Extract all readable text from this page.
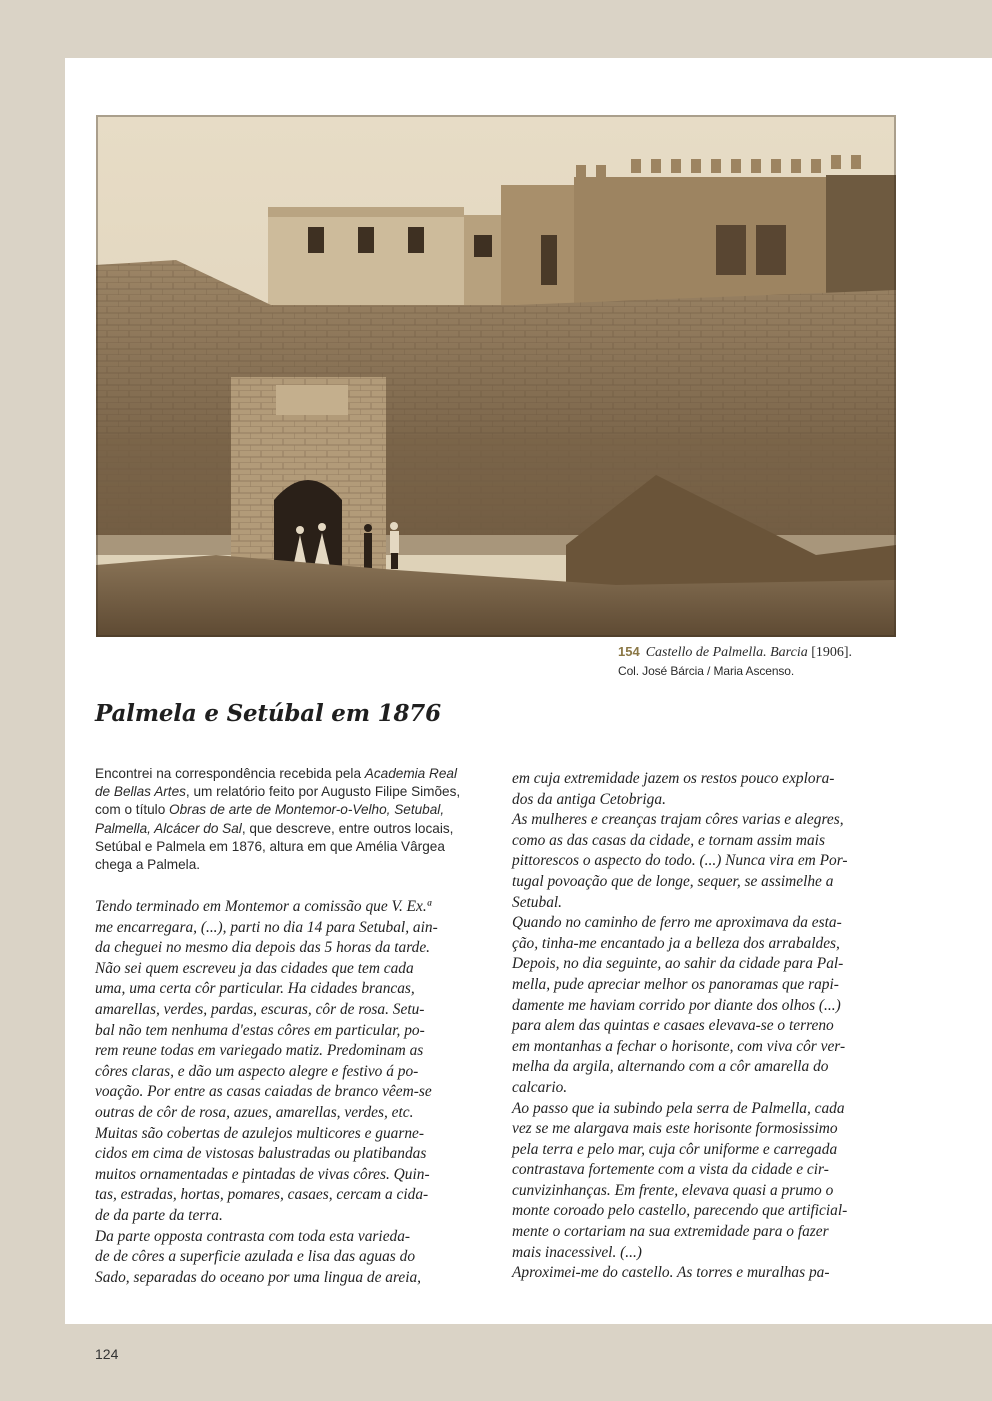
154 Castello de Palmella. Barcia [1906].
Col. José Bárcia / Maria Ascenso.
Palmela e Setúbal em 1876

Encontrei na correspondência recebida pela Academia Real de Bellas Artes, um relatório feito por Augusto Filipe Simões, com o título Obras de arte de Montemor-o-Velho, Setubal, Palmella, Alcácer do Sal, que descreve, entre outros locais, Setúbal e Palmela em 1876, altura em que Amélia Vârgea chega a Palmela.

Tendo terminado em Montemor a comissão que V. Ex.ª
me encarregara, (...), parti no dia 14 para Setubal, ain-
da cheguei no mesmo dia depois das 5 horas da tarde.
Não sei quem escreveu ja das cidades que tem cada
uma, uma certa côr particular. Ha cidades brancas,
amarellas, verdes, pardas, escuras, côr de rosa. Setu-
bal não tem nenhuma d'estas côres em particular, po-
rem reune todas em variegado matiz. Predominam as
côres claras, e dão um aspecto alegre e festivo á po-
voação. Por entre as casas caiadas de branco vêem-se
outras de côr de rosa, azues, amarellas, verdes, etc.
Muitas são cobertas de azulejos multicores e guarne-
cidos em cima de vistosas balustradas ou platibandas
muitos ornamentadas e pintadas de vivas côres. Quin-
tas, estradas, hortas, pomares, casaes, cercam a cida-
de da parte da terra.
Da parte opposta contrasta com toda esta varieda-
de de côres a superficie azulada e lisa das aguas do
Sado, separadas do oceano por uma lingua de areia,
em cuja extremidade jazem os restos pouco explora-
dos da antiga Cetobriga.
As mulheres e creanças trajam côres varias e alegres,
como as das casas da cidade, e tornam assim mais
pittorescos o aspecto do todo. (...) Nunca vira em Por-
tugal povoação que de longe, sequer, se assimelhe a
Setubal.
Quando no caminho de ferro me aproximava da esta-
ção, tinha-me encantado ja a belleza dos arrabaldes,
Depois, no dia seguinte, ao sahir da cidade para Pal-
mella, pude apreciar melhor os panoramas que rapi-
damente me haviam corrido por diante dos olhos (...)
para alem das quintas e casaes elevava-se o terreno
em montanhas a fechar o horisonte, com viva côr ver-
melha da argila, alternando com a côr amarella do
calcario.
Ao passo que ia subindo pela serra de Palmella, cada
vez se me alargava mais este horisonte formosissimo
pela terra e pelo mar, cuja côr uniforme e carregada
contrastava fortemente com a vista da cidade e cir-
cunvizinhanças. Em frente, elevava quasi a prumo o
monte coroado pelo castello, parecendo que artificial-
mente o cortariam na sua extremidade para o fazer
mais inacessivel. (...)
Aproximei-me do castello. As torres e muralhas pa-
124
